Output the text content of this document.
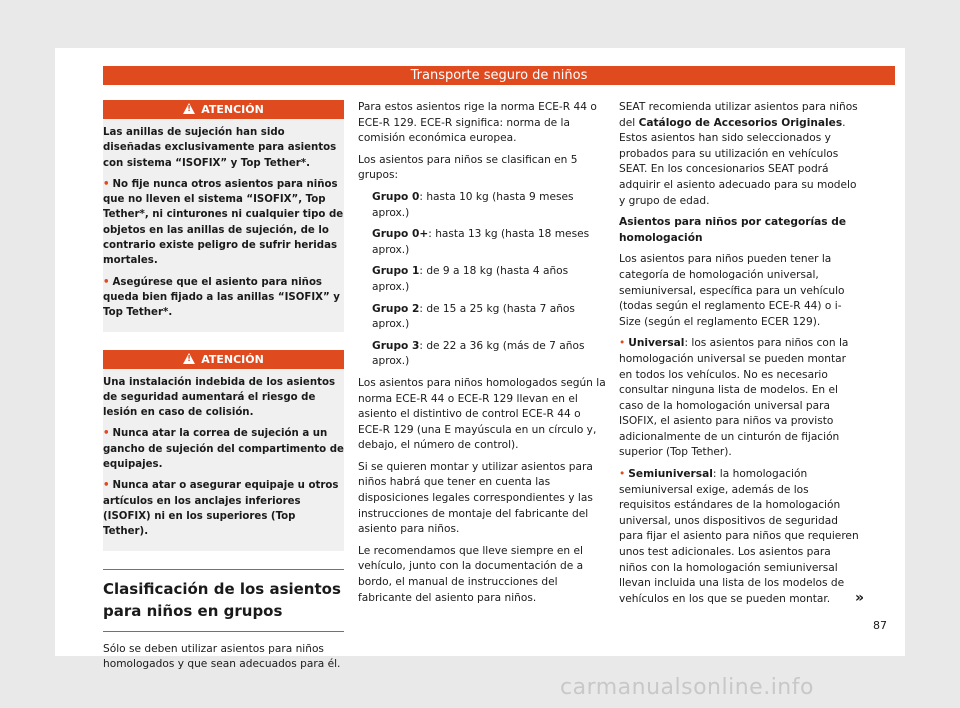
Transporte seguro de niños
!ATENCIÓN

Las anillas de sujeción han sido diseñadas exclusivamente para asientos con sistema “ISOFIX” y Top Tether*.

• No fije nunca otros asientos para niños que no lleven el sistema “ISOFIX”, Top Tether*, ni cinturones ni cualquier tipo de objetos en las anillas de sujeción, de lo contrario existe peligro de sufrir heridas mortales.

• Asegúrese que el asiento para niños queda bien fijado a las anillas “ISOFIX” y Top Tether*.

!ATENCIÓN

Una instalación indebida de los asientos de seguridad aumentará el riesgo de lesión en caso de colisión.

• Nunca atar la correa de sujeción a un gancho de sujeción del compartimento de equipajes.

• Nunca atar o asegurar equipaje u otros artículos en los anclajes inferiores (ISOFIX) ni en los superiores (Top Tether).

Clasificación de los asientos para niños en grupos

Sólo se deben utilizar asientos para niños homologados y que sean adecuados para él.

Para estos asientos rige la norma ECE-R 44 o ECE-R 129. ECE-R significa: norma de la comisión económica europea.

Los asientos para niños se clasifican en 5 grupos:

Grupo 0: hasta 10 kg (hasta 9 meses aprox.)

Grupo 0+: hasta 13 kg (hasta 18 meses aprox.)

Grupo 1: de 9 a 18 kg (hasta 4 años aprox.)

Grupo 2: de 15 a 25 kg (hasta 7 años aprox.)

Grupo 3: de 22 a 36 kg (más de 7 años aprox.)

Los asientos para niños homologados según la norma ECE-R 44 o ECE-R 129 llevan en el asiento el distintivo de control ECE-R 44 o ECE-R 129 (una E mayúscula en un círculo y, debajo, el número de control).

Si se quieren montar y utilizar asientos para niños habrá que tener en cuenta las disposiciones legales correspondientes y las instrucciones de montaje del fabricante del asiento para niños.

Le recomendamos que lleve siempre en el vehículo, junto con la documentación de a bordo, el manual de instrucciones del fabricante del asiento para niños.

SEAT recomienda utilizar asientos para niños del Catálogo de Accesorios Originales. Estos asientos han sido seleccionados y probados para su utilización en vehículos SEAT. En los concesionarios SEAT podrá adquirir el asiento adecuado para su modelo y grupo de edad.

Asientos para niños por categorías de homologación

Los asientos para niños pueden tener la categoría de homologación universal, semiuniversal, específica para un vehículo (todas según el reglamento ECE-R 44) o i-Size (según el reglamento ECER 129).

• Universal: los asientos para niños con la homologación universal se pueden montar en todos los vehículos. No es necesario consultar ninguna lista de modelos. En el caso de la homologación universal para ISOFIX, el asiento para niños va provisto adicionalmente de un cinturón de fijación superior (Top Tether).

• Semiuniversal: la homologación semiuniversal exige, además de los requisitos estándares de la homologación universal, unos dispositivos de seguridad para fijar el asiento para niños que requieren unos test adicionales. Los asientos para niños con la homologación semiuniversal llevan incluida una lista de los modelos de vehículos en los que se pueden montar.	»
87
carmanualsonline.info
